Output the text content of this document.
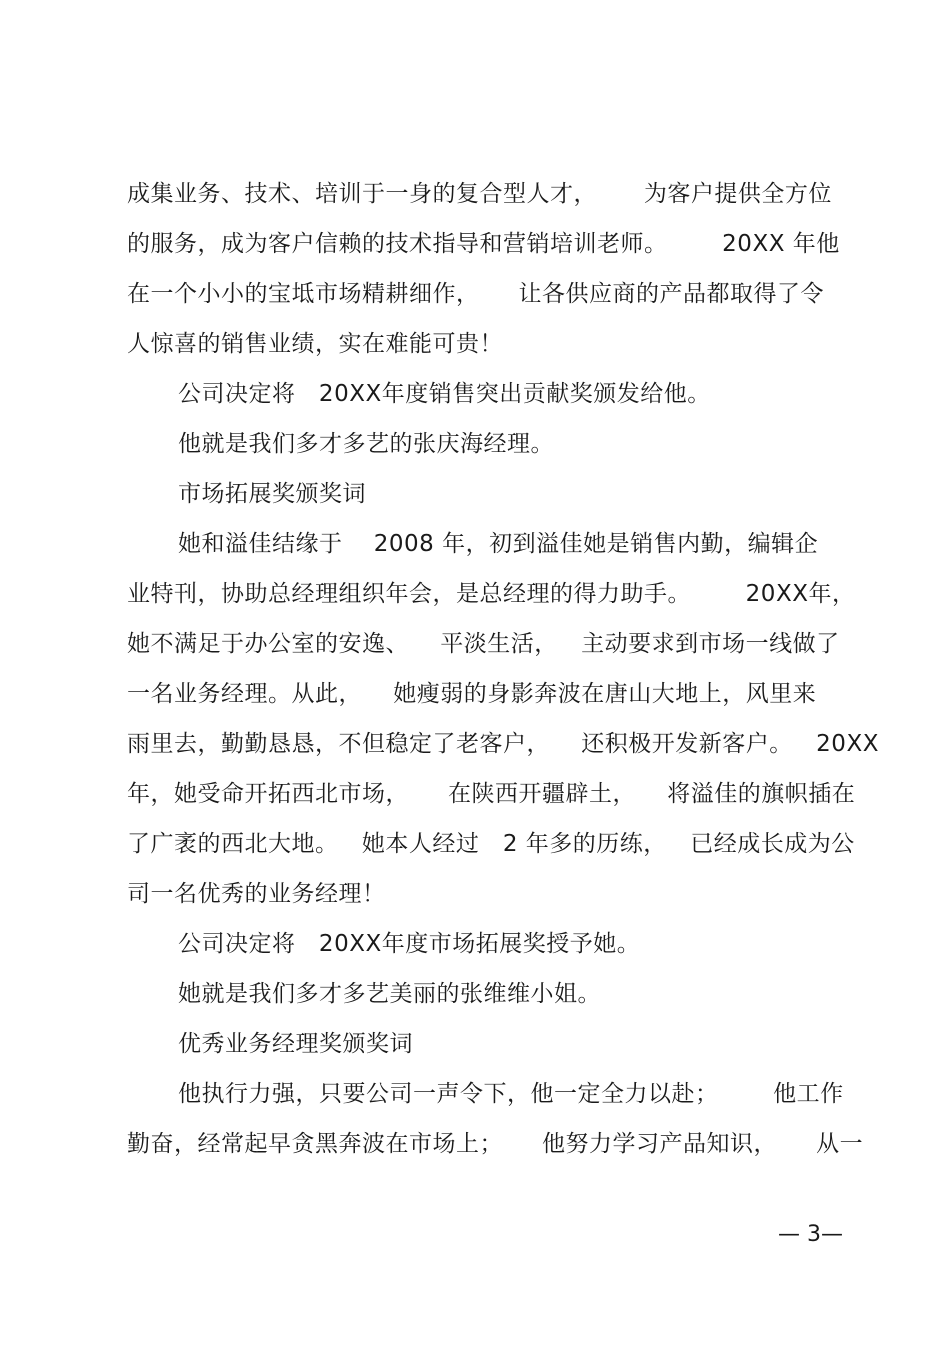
成集业务、技术、培训于一身的复合型人才，      为客户提供全方位
的服务，成为客户信赖的技术指导和营销培训老师。       20XX 年他
在一个小小的宝坻市场精耕细作，     让各供应商的产品都取得了令
人惊喜的销售业绩，实在难能可贵！
公司决定将   20XX年度销售突出贡献奖颁发给他。
他就是我们多才多艺的张庆海经理。
市场拓展奖颁奖词
她和溢佳结缘于    2008 年，初到溢佳她是销售内勤，编辑企
业特刊，协助总经理组织年会，是总经理的得力助手。       20XX年，
她不满足于办公室的安逸、    平淡生活，   主动要求到市场一线做了
一名业务经理。从此，    她瘦弱的身影奔波在唐山大地上，风里来
雨里去，勤勤恳恳，不但稳定了老客户，    还积极开发新客户。   20XX
年，她受命开拓西北市场，     在陕西开疆辟土，    将溢佳的旗帜插在
了广袤的西北大地。   她本人经过   2 年多的历练，   已经成长成为公
司一名优秀的业务经理！
公司决定将   20XX年度市场拓展奖授予她。
她就是我们多才多艺美丽的张维维小姐。
优秀业务经理奖颁奖词
他执行力强，只要公司一声令下，他一定全力以赴；       他工作
勤奋，经常起早贪黑奔波在市场上；     他努力学习产品知识，     从一
— 3—
